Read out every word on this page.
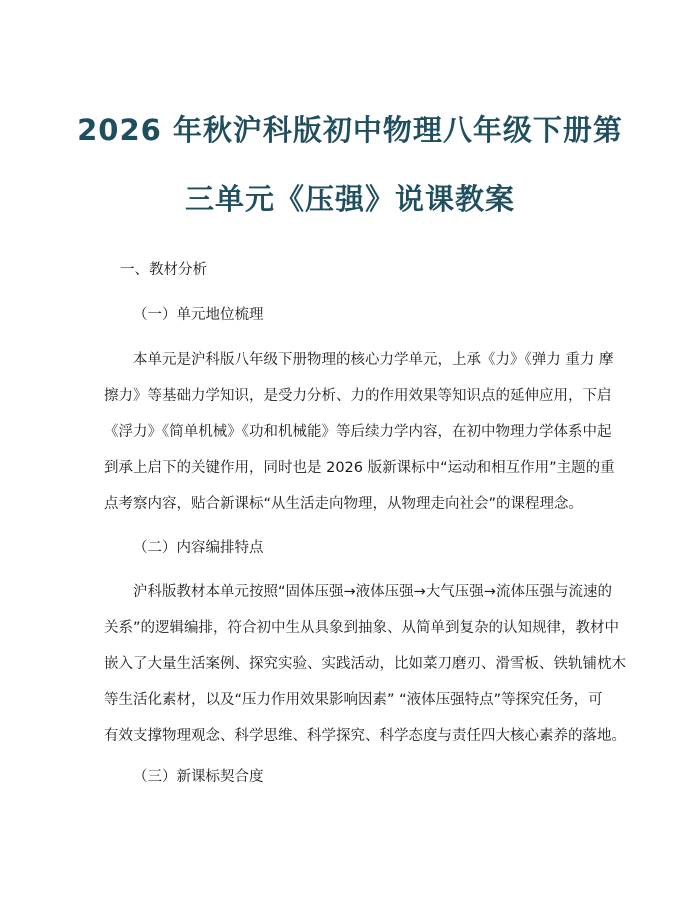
2026 年秋沪科版初中物理八年级下册第
三单元《压强》说课教案
一、教材分析
（一）单元地位梳理
本单元是沪科版八年级下册物理的核心力学单元，上承《力》《弹力 重力 摩
擦力》等基础力学知识，是受力分析、力的作用效果等知识点的延伸应用，下启
《浮力》《简单机械》《功和机械能》等后续力学内容，在初中物理力学体系中起
到承上启下的关键作用，同时也是 2026 版新课标中“运动和相互作用”主题的重
点考察内容，贴合新课标“从生活走向物理，从物理走向社会”的课程理念。
（二）内容编排特点
沪科版教材本单元按照“固体压强→液体压强→大气压强→流体压强与流速的
关系”的逻辑编排，符合初中生从具象到抽象、从简单到复杂的认知规律，教材中
嵌入了大量生活案例、探究实验、实践活动，比如菜刀磨刃、滑雪板、铁轨铺枕木
等生活化素材，以及“压力作用效果影响因素” “液体压强特点”等探究任务，可
有效支撑物理观念、科学思维、科学探究、科学态度与责任四大核心素养的落地。
（三）新课标契合度
